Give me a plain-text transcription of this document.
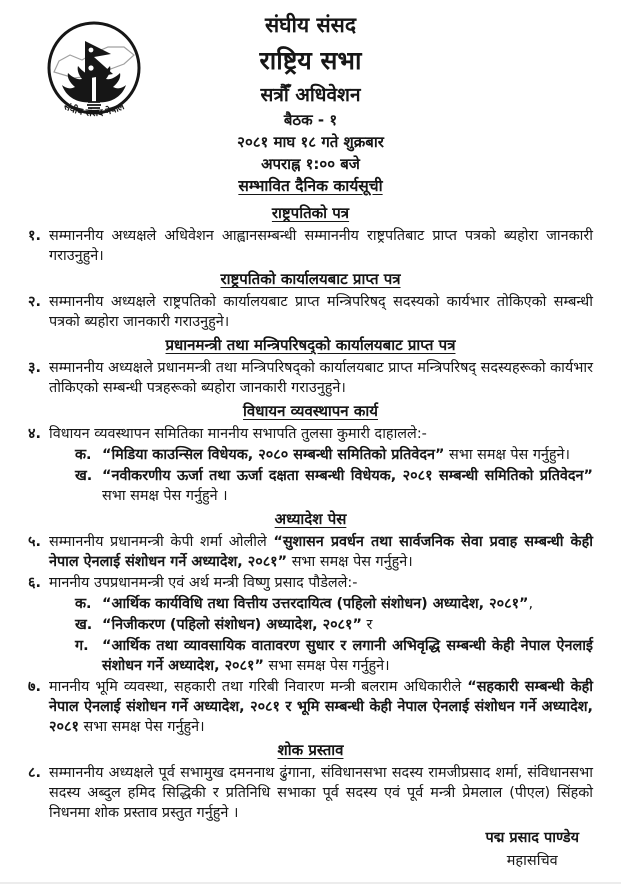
संघीय संसद नेपाल
संघीय संसद
राष्ट्रिय सभा
सत्रौँ अधिवेशन
बैठक - १
२०८१ माघ १८ गते शुक्रबार
अपराह्न १:०० बजे
सम्भावित दैनिक कार्यसूची
राष्ट्रपतिको पत्र
१. सम्माननीय अध्यक्षले अधिवेशन आह्वानसम्बन्धी सम्माननीय राष्ट्रपतिबाट प्राप्त पत्रको ब्यहोरा जानकारी गराउनुहुने।
राष्ट्रपतिको कार्यालयबाट प्राप्त पत्र
२. सम्माननीय अध्यक्षले राष्ट्रपतिको कार्यालयबाट प्राप्त मन्त्रिपरिषद् सदस्यको कार्यभार तोकिएको सम्बन्धी पत्रको ब्यहोरा जानकारी गराउनुहुने।
प्रधानमन्त्री तथा मन्त्रिपरिषद्को कार्यालयबाट प्राप्त पत्र
३. सम्माननीय अध्यक्षले प्रधानमन्त्री तथा मन्त्रिपरिषद्को कार्यालयबाट प्राप्त मन्त्रिपरिषद् सदस्यहरूको कार्यभार तोकिएको सम्बन्धी पत्रहरूको ब्यहोरा जानकारी गराउनुहुने।
विधायन व्यवस्थापन कार्य
४. विधायन व्यवस्थापन समितिका माननीय सभापति तुलसा कुमारी दाहालले:-
क. “मिडिया काउन्सिल विधेयक, २०८० सम्बन्धी समितिको प्रतिवेदन” सभा समक्ष पेस गर्नुहुने।
ख. “नवीकरणीय ऊर्जा तथा ऊर्जा दक्षता सम्बन्धी विधेयक, २०८१ सम्बन्धी समितिको प्रतिवेदन” सभा समक्ष पेस गर्नुहुने ।
अध्यादेश पेस
५. सम्माननीय प्रधानमन्त्री केपी शर्मा ओलीले “सुशासन प्रवर्धन तथा सार्वजनिक सेवा प्रवाह सम्बन्धी केही नेपाल ऐनलाई संशोधन गर्ने अध्यादेश, २०८१” सभा समक्ष पेस गर्नुहुने।
६. माननीय उपप्रधानमन्त्री एवं अर्थ मन्त्री विष्णु प्रसाद पौडेलले:-
क. “आर्थिक कार्यविधि तथा वित्तीय उत्तरदायित्व (पहिलो संशोधन) अध्यादेश, २०८१”,
ख. “निजीकरण (पहिलो संशोधन) अध्यादेश, २०८१” र
ग. “आर्थिक तथा व्यावसायिक वातावरण सुधार र लगानी अभिवृद्धि सम्बन्धी केही नेपाल ऐनलाई संशोधन गर्ने अध्यादेश, २०८१” सभा समक्ष पेस गर्नुहुने।
७. माननीय भूमि व्यवस्था, सहकारी तथा गरिबी निवारण मन्त्री बलराम अधिकारीले “सहकारी सम्बन्धी केही नेपाल ऐनलाई संशोधन गर्ने अध्यादेश, २०८१ र भूमि सम्बन्धी केही नेपाल ऐनलाई संशोधन गर्ने अध्यादेश, २०८१ सभा समक्ष पेस गर्नुहुने।
शोक प्रस्ताव
८. सम्माननीय अध्यक्षले पूर्व सभामुख दमननाथ ढुंगाना, संविधानसभा सदस्य रामजीप्रसाद शर्मा, संविधानसभा सदस्य अब्दुल हमिद सिद्धिकी र प्रतिनिधि सभाका पूर्व सदस्य एवं पूर्व मन्त्री प्रेमलाल (पीएल) सिंहको निधनमा शोक प्रस्ताव प्रस्तुत गर्नुहुने ।
पद्म प्रसाद पाण्डेय
महासचिव
